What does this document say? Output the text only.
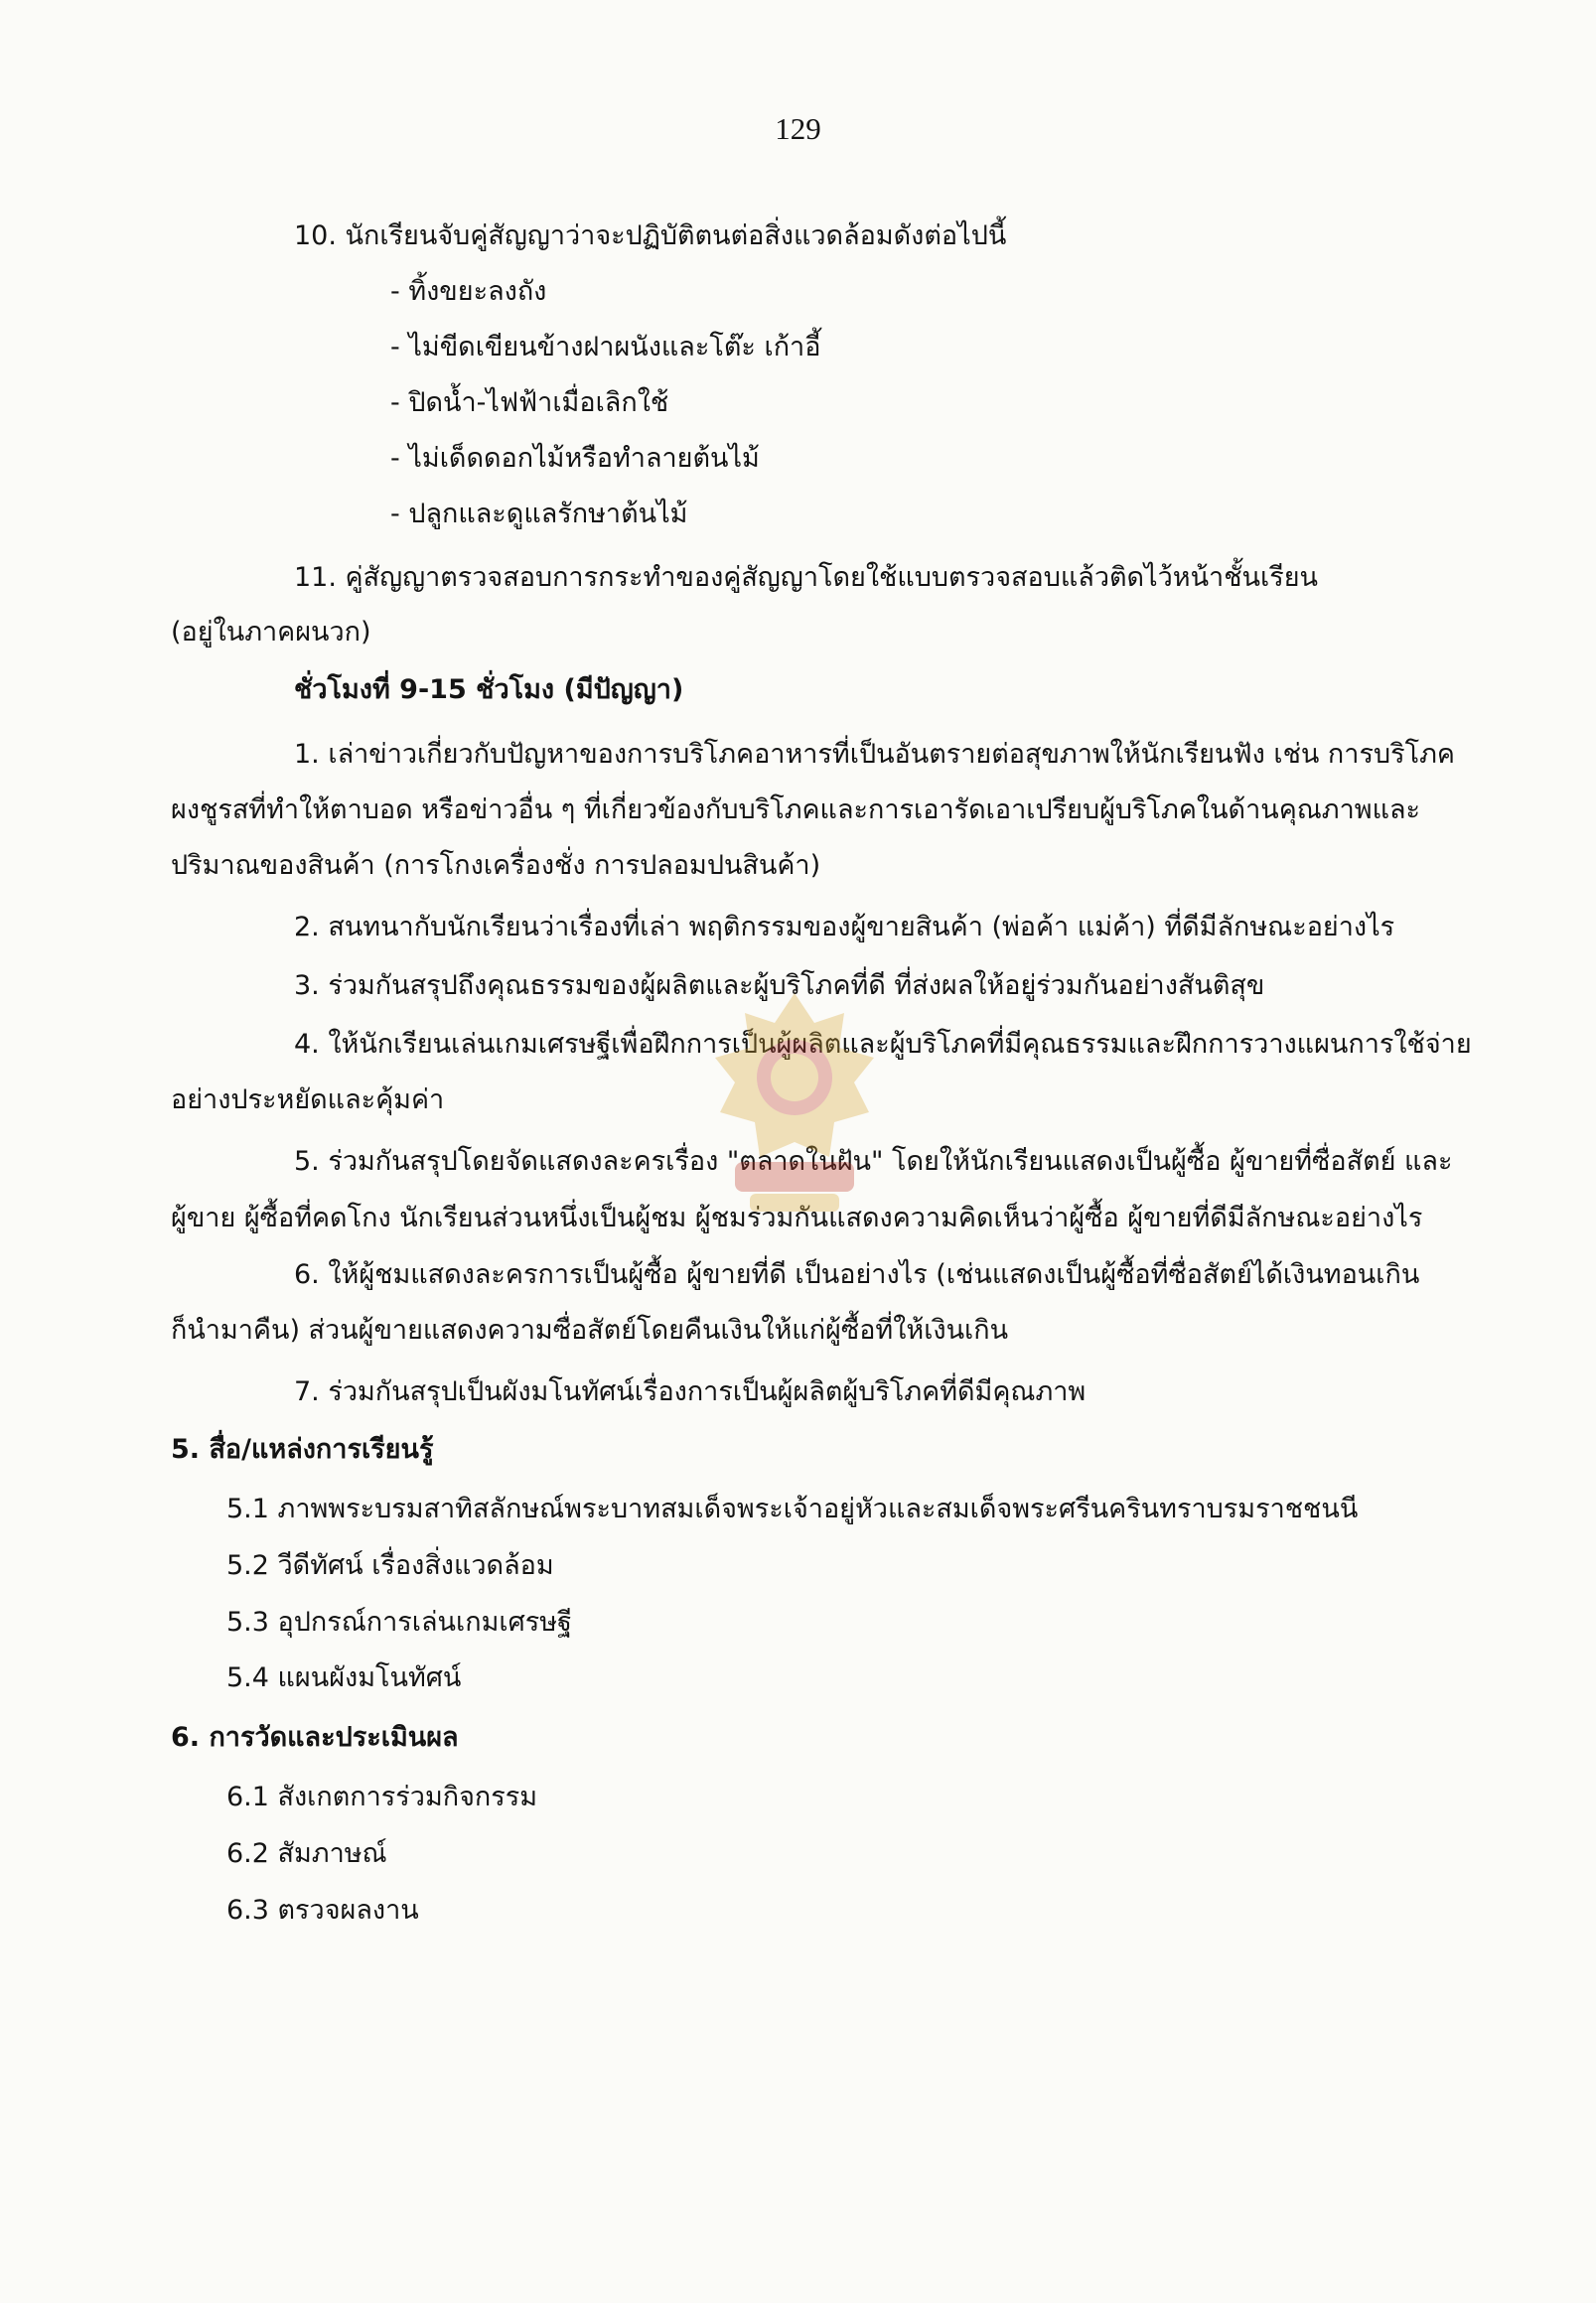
129
10. นักเรียนจับคู่สัญญาว่าจะปฏิบัติตนต่อสิ่งแวดล้อมดังต่อไปนี้
- ทิ้งขยะลงถัง
- ไม่ขีดเขียนข้างฝาผนังและโต๊ะ เก้าอี้
- ปิดน้ำ-ไฟฟ้าเมื่อเลิกใช้
- ไม่เด็ดดอกไม้หรือทำลายต้นไม้
- ปลูกและดูแลรักษาต้นไม้
11. คู่สัญญาตรวจสอบการกระทำของคู่สัญญาโดยใช้แบบตรวจสอบแล้วติดไว้หน้าชั้นเรียน
(อยู่ในภาคผนวก)
ชั่วโมงที่ 9-15 ชั่วโมง (มีปัญญา)
1. เล่าข่าวเกี่ยวกับปัญหาของการบริโภคอาหารที่เป็นอันตรายต่อสุขภาพให้นักเรียนฟัง เช่น การบริโภค
ผงชูรสที่ทำให้ตาบอด หรือข่าวอื่น ๆ ที่เกี่ยวข้องกับบริโภคและการเอารัดเอาเปรียบผู้บริโภคในด้านคุณภาพและ
ปริมาณของสินค้า (การโกงเครื่องชั่ง การปลอมปนสินค้า)
2. สนทนากับนักเรียนว่าเรื่องที่เล่า พฤติกรรมของผู้ขายสินค้า (พ่อค้า แม่ค้า) ที่ดีมีลักษณะอย่างไร
3. ร่วมกันสรุปถึงคุณธรรมของผู้ผลิตและผู้บริโภคที่ดี ที่ส่งผลให้อยู่ร่วมกันอย่างสันติสุข
4. ให้นักเรียนเล่นเกมเศรษฐีเพื่อฝึกการเป็นผู้ผลิตและผู้บริโภคที่มีคุณธรรมและฝึกการวางแผนการใช้จ่าย
อย่างประหยัดและคุ้มค่า
5. ร่วมกันสรุปโดยจัดแสดงละครเรื่อง "ตลาดในฝัน" โดยให้นักเรียนแสดงเป็นผู้ซื้อ ผู้ขายที่ซื่อสัตย์ และ
ผู้ขาย ผู้ซื้อที่คดโกง นักเรียนส่วนหนึ่งเป็นผู้ชม ผู้ชมร่วมกันแสดงความคิดเห็นว่าผู้ซื้อ ผู้ขายที่ดีมีลักษณะอย่างไร
6. ให้ผู้ชมแสดงละครการเป็นผู้ซื้อ ผู้ขายที่ดี เป็นอย่างไร (เช่นแสดงเป็นผู้ซื้อที่ซื่อสัตย์ได้เงินทอนเกิน
ก็นำมาคืน) ส่วนผู้ขายแสดงความซื่อสัตย์โดยคืนเงินให้แก่ผู้ซื้อที่ให้เงินเกิน
7. ร่วมกันสรุปเป็นผังมโนทัศน์เรื่องการเป็นผู้ผลิตผู้บริโภคที่ดีมีคุณภาพ
5. สื่อ/แหล่งการเรียนรู้
5.1 ภาพพระบรมสาทิสลักษณ์พระบาทสมเด็จพระเจ้าอยู่หัวและสมเด็จพระศรีนครินทราบรมราชชนนี
5.2 วีดีทัศน์ เรื่องสิ่งแวดล้อม
5.3 อุปกรณ์การเล่นเกมเศรษฐี
5.4 แผนผังมโนทัศน์
6. การวัดและประเมินผล
6.1 สังเกตการร่วมกิจกรรม
6.2 สัมภาษณ์
6.3 ตรวจผลงาน
